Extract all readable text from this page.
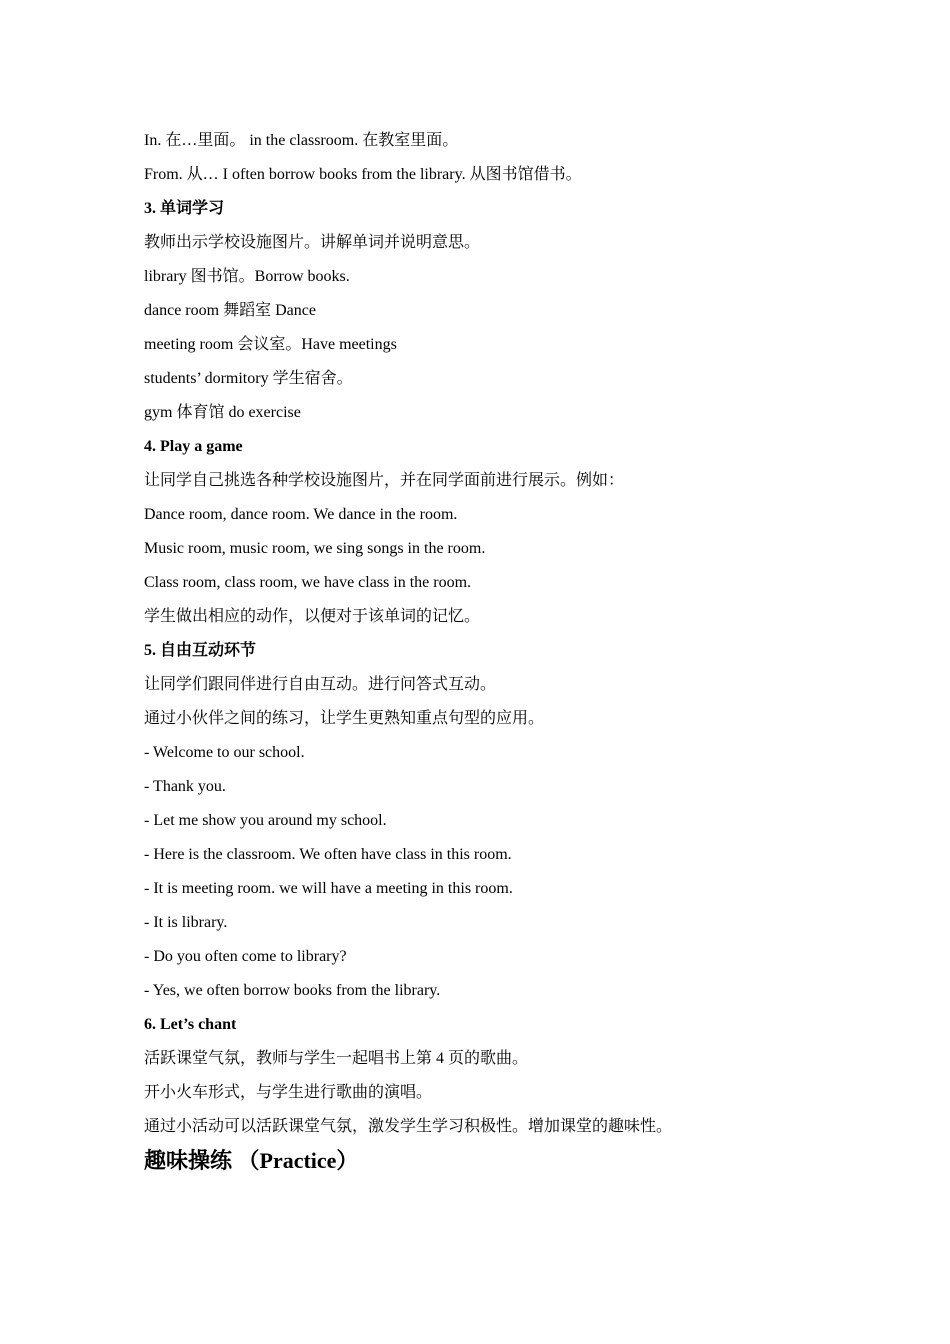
In. 在…里面。 in the classroom. 在教室里面。
From. 从… I often borrow books from the library. 从图书馆借书。
3. 单词学习
教师出示学校设施图片。讲解单词并说明意思。
library 图书馆。Borrow books.
dance room 舞蹈室 Dance
meeting room 会议室。Have meetings
students’ dormitory 学生宿舍。
gym 体育馆 do exercise
4. Play a game
让同学自己挑选各种学校设施图片，并在同学面前进行展示。例如：
Dance room, dance room. We dance in the room.
Music room, music room, we sing songs in the room.
Class room, class room, we have class in the room.
学生做出相应的动作，以便对于该单词的记忆。
5. 自由互动环节
让同学们跟同伴进行自由互动。进行问答式互动。
通过小伙伴之间的练习，让学生更熟知重点句型的应用。
- Welcome to our school.
- Thank you.
- Let me show you around my school.
- Here is the classroom. We often have class in this room.
- It is meeting room. we will have a meeting in this room.
- It is library.
- Do you often come to library?
- Yes, we often borrow books from the library.
6. Let’s chant
活跃课堂气氛，教师与学生一起唱书上第 4 页的歌曲。
开小火车形式，与学生进行歌曲的演唱。
通过小活动可以活跃课堂气氛，激发学生学习积极性。增加课堂的趣味性。
趣味操练 （Practice）
